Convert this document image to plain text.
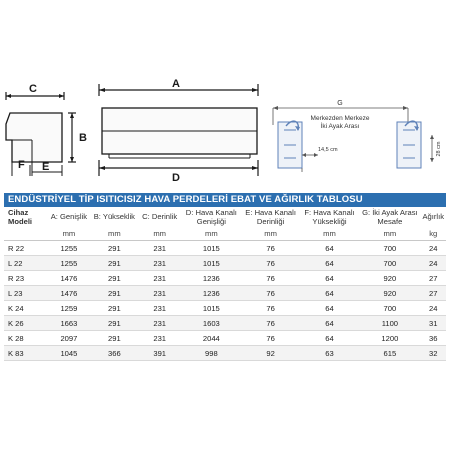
C
B
F E
A
D
G
Merkezden Merkeze
İki Ayak Arası
14,5 cm	28 cm
ENDÜSTRİYEL TİP ISITICISIZ HAVA PERDELERİ EBAT VE AĞIRLIK TABLOSU
Cihaz Modeli	A: Genişlik	B: Yükseklik	C: Derinlik	D: Hava Kanalı Genişliği	E: Hava Kanalı Derinliği	F: Hava Kanalı Yüksekliği	G: İki Ayak Arası Mesafe	Ağırlık
	mm	mm	mm	mm	mm	mm	mm	kg
R 22	1255	291	231	1015	76	64	700	24
L 22	1255	291	231	1015	76	64	700	24
R 23	1476	291	231	1236	76	64	920	27
L 23	1476	291	231	1236	76	64	920	27
K 24	1259	291	231	1015	76	64	700	24
K 26	1663	291	231	1603	76	64	1100	31
K 28	2097	291	231	2044	76	64	1200	36
K 83	1045	366	391	998	92	63	615	32
